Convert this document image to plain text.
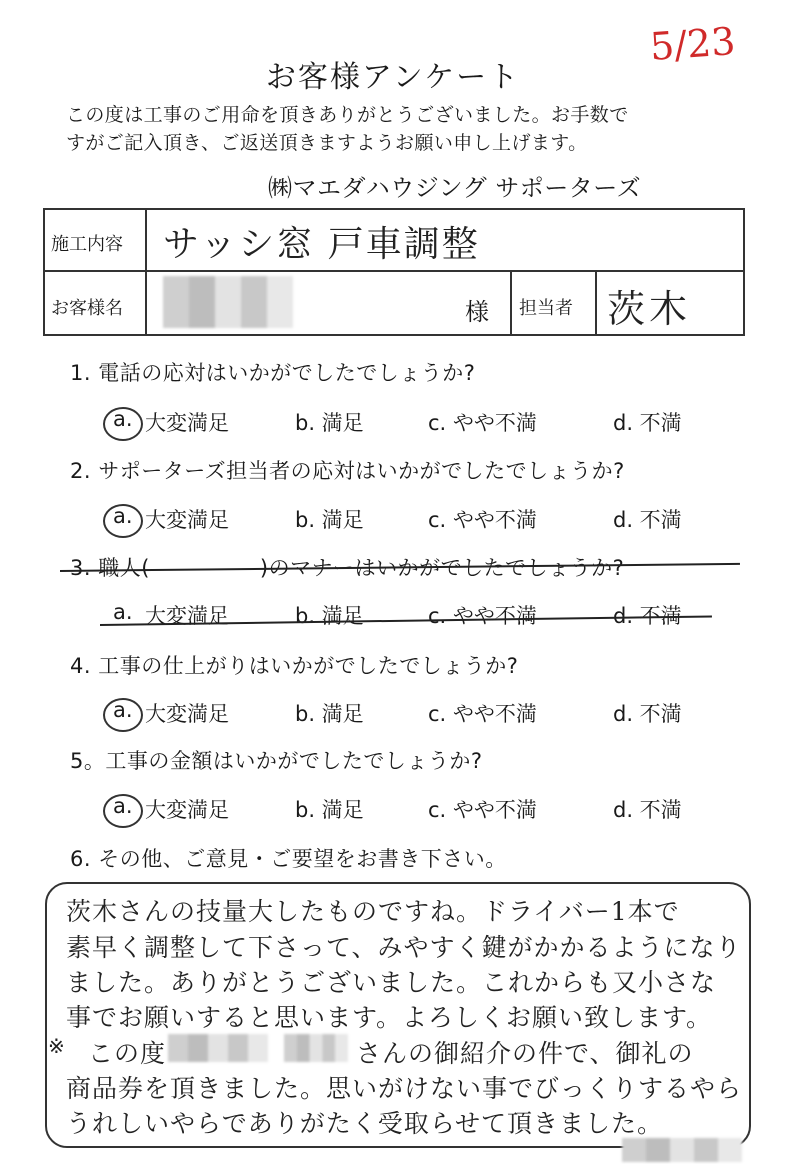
お客様アンケート
5/23
この度は工事のご用命を頂きありがとうございました。お手数で
すがご記入頂き、ご返送頂きますようお願い申し上げます。
㈱マエダハウジング サポーターズ
施工内容 サッシ窓 戸車調整
お客様名	様 担当者 茨木
1. 電話の応対はいかがでしたでしょうか?
a. 大変満足	b. 満足	c. やや不満	d. 不満
2. サポーターズ担当者の応対はいかがでしたでしょうか?
a. 大変満足	b. 満足	c. やや不満	d. 不満
3. 職人(	)のマナーはいかがでしたでしょうか?
a. 大変満足	b. 満足	c. やや不満	d. 不満
4. 工事の仕上がりはいかがでしたでしょうか?
a. 大変満足	b. 満足	c. やや不満	d. 不満
5。工事の金額はいかがでしたでしょうか?
a. 大変満足	b. 満足	c. やや不満	d. 不満
6. その他、ご意見・ご要望をお書き下さい。
茨木さんの技量大したものですね。ドライバー1本で
素早く調整して下さって、みやすく鍵がかかるようになり
ました。ありがとうございました。これからも又小さな
事でお願いすると思います。よろしくお願い致します。
※ この度	さんの御紹介の件で、御礼の
商品券を頂きました。思いがけない事でびっくりするやら
うれしいやらでありがたく受取らせて頂きました。
